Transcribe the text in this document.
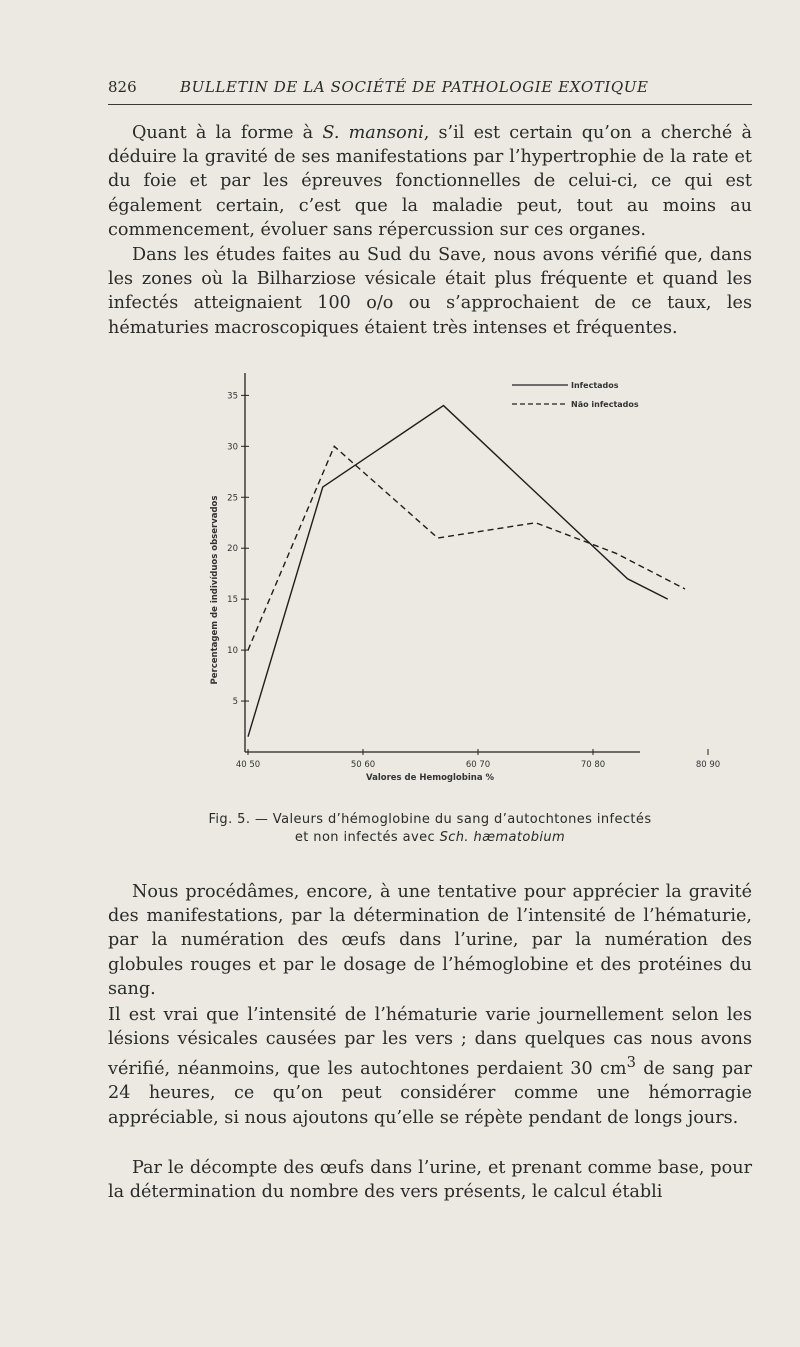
826	BULLETIN DE LA SOCIÉTÉ DE PATHOLOGIE EXOTIQUE

Quant à la forme à S. mansoni, s’il est certain qu’on a cherché à déduire la gravité de ses manifestations par l’hypertrophie de la rate et du foie et par les épreuves fonctionnelles de celui-ci, ce qui est également certain, c’est que la maladie peut, tout au moins au commencement, évoluer sans répercussion sur ces organes.

Dans les études faites au Sud du Save, nous avons vérifié que, dans les zones où la Bilharziose vésicale était plus fréquente et quand les infectés atteignaient 100 o/o ou s’approchaient de ce taux, les hématuries macroscopiques étaient très intenses et fréquentes.

5
10
15
20
25
30
35
40 50	50 60	60 70	70 80	80 90
Infectados
Não infectados
Percentagem de indivíduos observados
Valores de Hemoglobina %
Fig. 5. — Valeurs d’hémoglobine du sang d’autochtones infectés
et non infectés avec Sch. hæmatobium

Nous procédâmes, encore, à une tentative pour apprécier la gravité des manifestations, par la détermination de l’intensité de l’hématurie, par la numération des œufs dans l’urine, par la numération des globules rouges et par le dosage de l’hémoglobine et des protéines du sang.

Il est vrai que l’intensité de l’hématurie varie journellement selon les lésions vésicales causées par les vers ; dans quelques cas nous avons vérifié, néanmoins, que les autochtones perdaient 30 $cm^3$ de sang par 24 heures, ce qu’on peut considérer comme une hémorragie appréciable, si nous ajoutons qu’elle se répète pendant de longs jours.

Par le décompte des œufs dans l’urine, et prenant comme base, pour la détermination du nombre des vers présents, le calcul établi
